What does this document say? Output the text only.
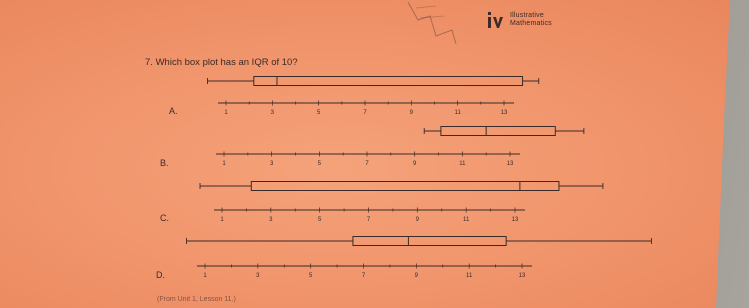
Illustrative
Mathematics
7. Which box plot has an IQR of 10?
A.
B.
C.
D.
1	3	5	7	9	11	13
1	3	5	7	9	11	13
1	3	5	7	9	11	13
1	3	5	7	9	11	13
(From Unit 1, Lesson 11.)
